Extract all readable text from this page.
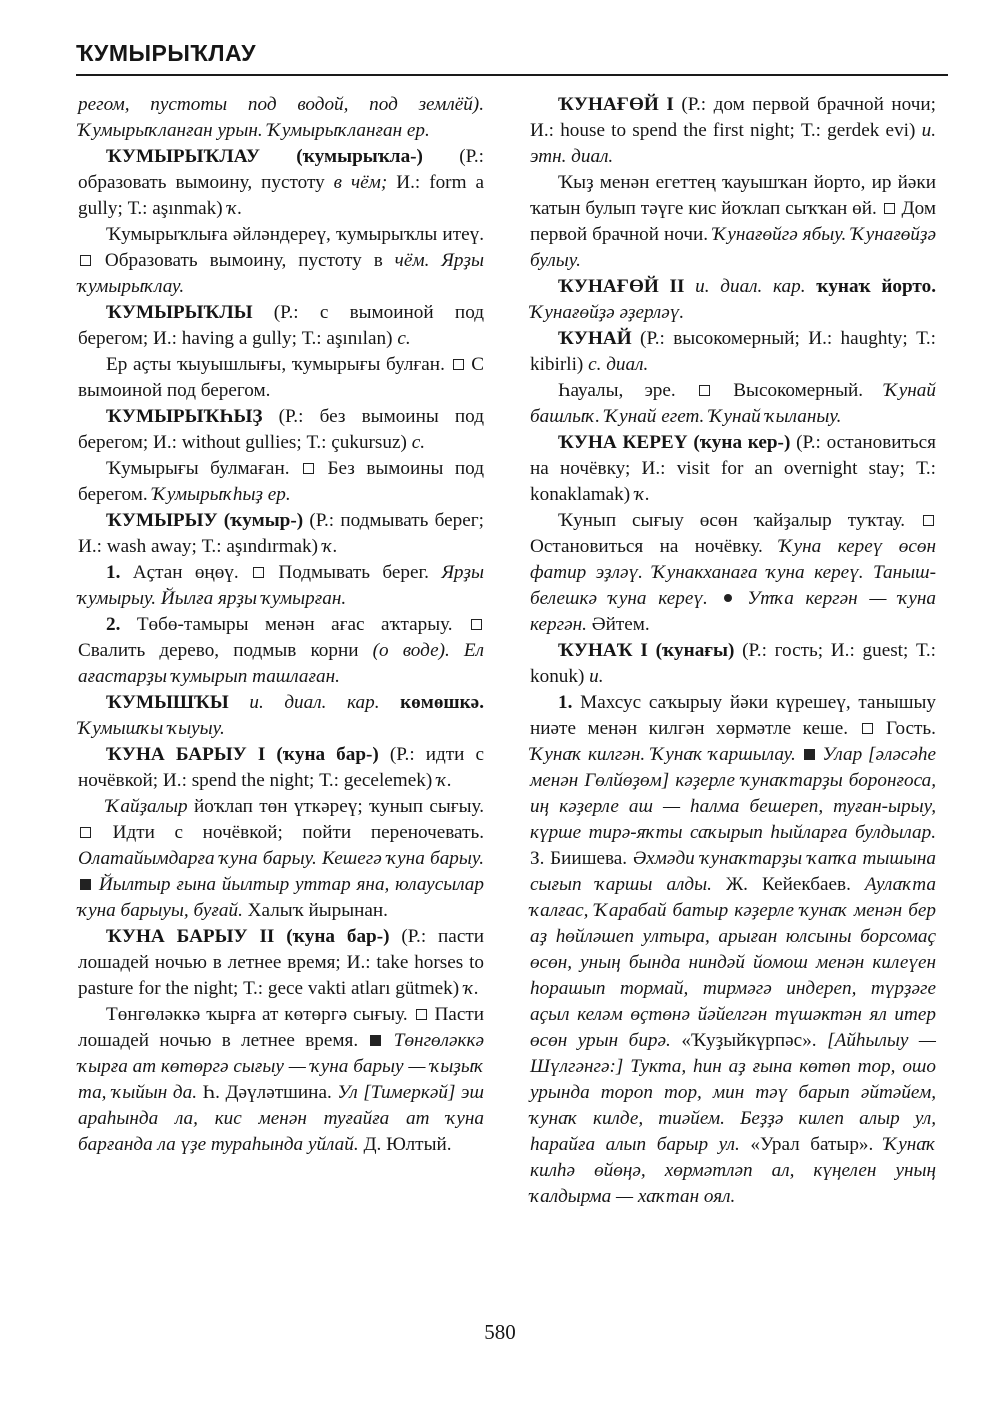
ҠУМЫРЫҠЛАУ

регом, пустоты под водой, под землёй). Ҡумырыҡланған урын. Ҡумырыҡланған ер.

ҠУМЫРЫҠЛАУ (ҡумырыҡла-) (Р.: образовать вымоину, пустоту в чём; И.: form a gully; Т.: aşınmak) ҡ.

Ҡумырыҡлыға әйләндереү, ҡумырыҡлы итеү.  Образовать вымоину, пустоту в чём. Ярҙы ҡумырыҡлау.

ҠУМЫРЫҠЛЫ (Р.: с вымоиной под берегом; И.: having a gully; Т.: aşınılan) с.

Ер аҫты ҡыуышлығы, ҡумырығы булған.  С вымоиной под берегом.

ҠУМЫРЫҠҺЫҘ (Р.: без вымоины под берегом; И.: without gullies; Т.: çukursuz) с.

Ҡумырығы булмаған.  Без вымоины под берегом. Ҡумырыҡһыҙ ер.

ҠУМЫРЫУ (ҡумыр-) (Р.: подмывать берег; И.: wash away; Т.: aşındırmak) ҡ.

1. Аҫтан өңөү.  Подмывать берег. Ярҙы ҡумырыу. Йылға ярҙы ҡумырған.

2. Төбө-тамыры менән ағас аҡтарыу.  Свалить дерево, подмыв корни (о воде). Ел ағастарҙы ҡумырып ташлаған.

ҠУМЫШҠЫ и. диал. кар. көмөшкә. Ҡумышҡы ҡыуыу.

ҠУНА БАРЫУ I (ҡуна бар-) (Р.: идти с ночёвкой; И.: spend the night; Т.: gecelemek) ҡ.

Ҡайҙалыр йоҡлап төн үткәреү; ҡунып сығыу.  Идти с ночёвкой; пойти переночевать. Олатайымдарға ҡуна барыу. Кешегә ҡуна барыу.  Йылтыр ғына йылтыр уттар яна, юлаусылар ҡуна барыуы, буғай. Халыҡ йырынан.

ҠУНА БАРЫУ II (ҡуна бар-) (Р.: пасти лошадей ночью в летнее время; И.: take horses to pasture for the night; Т.: gece vakti atları gütmek) ҡ.

Төнгөләккә ҡырға ат көтөргә сығыу.  Пасти лошадей ночью в летнее время.  Төнгөләккә ҡырға ат көтөргә сығыу — ҡуна барыу — ҡыҙыҡ та, ҡыйын да. Һ. Дәүләтшина. Ул [Тимеркәй] эш араһында ла, кис менән туғайға ат ҡуна барғанда ла үҙе тураһында уйлай. Д. Юлтый.

ҠУНАҒӨЙ I (Р.: дом первой брачной ночи; И.: house to spend the first night; Т.: gerdek evi) и. этн. диал.

Ҡыҙ менән егеттең ҡауышҡан йорто, ир йәки ҡатын булып тәүге кис йоҡлап сыҡҡан өй.  Дом первой брачной ночи. Ҡунағөйгә ябыу. Ҡунағөйҙә булыу.

ҠУНАҒӨЙ II и. диал. кар. ҡунаҡ йорто. Ҡунағөйҙә әҙерләү.

ҠУНАЙ (Р.: высокомерный; И.: haughty; Т.: kibirli) с. диал.

Һауалы, эре.  Высокомерный. Ҡунай башлыҡ. Ҡунай егет. Ҡунай ҡыланыу.

ҠУНА КЕРЕҮ (ҡуна кер-) (Р.: остановиться на ночёвку; И.: visit for an overnight stay; Т.: konaklamak) ҡ.

Ҡунып сығыу өсөн ҡайҙалыр туҡтау.  Остановиться на ночёвку. Ҡуна кереү өсөн фатир эҙләү. Ҡунакханаға ҡуна кереү. Таныш-белешкә ҡуна кереү.  Утҡа кергән — ҡуна кергән. Әйтем.

ҠУНАҠ I (ҡунағы) (Р.: гость; И.: guest; Т.: konuk) и.

1. Махсус саҡырыу йәки күрешеү, танышыу ниәте менән килгән хөрмәтле кеше.  Гость. Ҡунаҡ килгән. Ҡунаҡ ҡаршылау.  Улар [әләсәһе менән Гөлйөҙөм] кәҙерле ҡунаҡтарҙы боронғоса, иң кәҙерле аш — һалма бешереп, туған-ырыу, күрше тирә-яҡты саҡырып һыйларға булдылар. З. Биишева. Әхмәди ҡунаҡтарҙы ҡапҡа тышына сығып ҡаршы алды. Ж. Кейекбаев. Аулаҡта ҡалғас, Ҡарабай батыр кәҙерле ҡунаҡ менән бер аҙ һөйләшеп ултыра, арыған юлсыны борсомаҫ өсөн, уның бында ниндәй йомош менән килеүен һорашып тормай, тирмәгә индереп, түрҙәге аҫыл келәм өҫтөнә йәйелгән түшәктән ял итер өсөн урын бирә. «Ҡуҙыйкүрпәс». [Айһылыу — Шүлгәнгә:] Тукта, һин аҙ ғына көтөп тор, ошо урында тороп тор, мин тәү барып әйтәйем, ҡунаҡ килде, тиәйем. Беҙҙә килеп алыр ул, һарайға алып барыр ул. «Урал батыр». Ҡунаҡ килһә өйөңә, хөрмәтләп ал, күңелен уның ҡалдырма — хаҡтан оял.

580
